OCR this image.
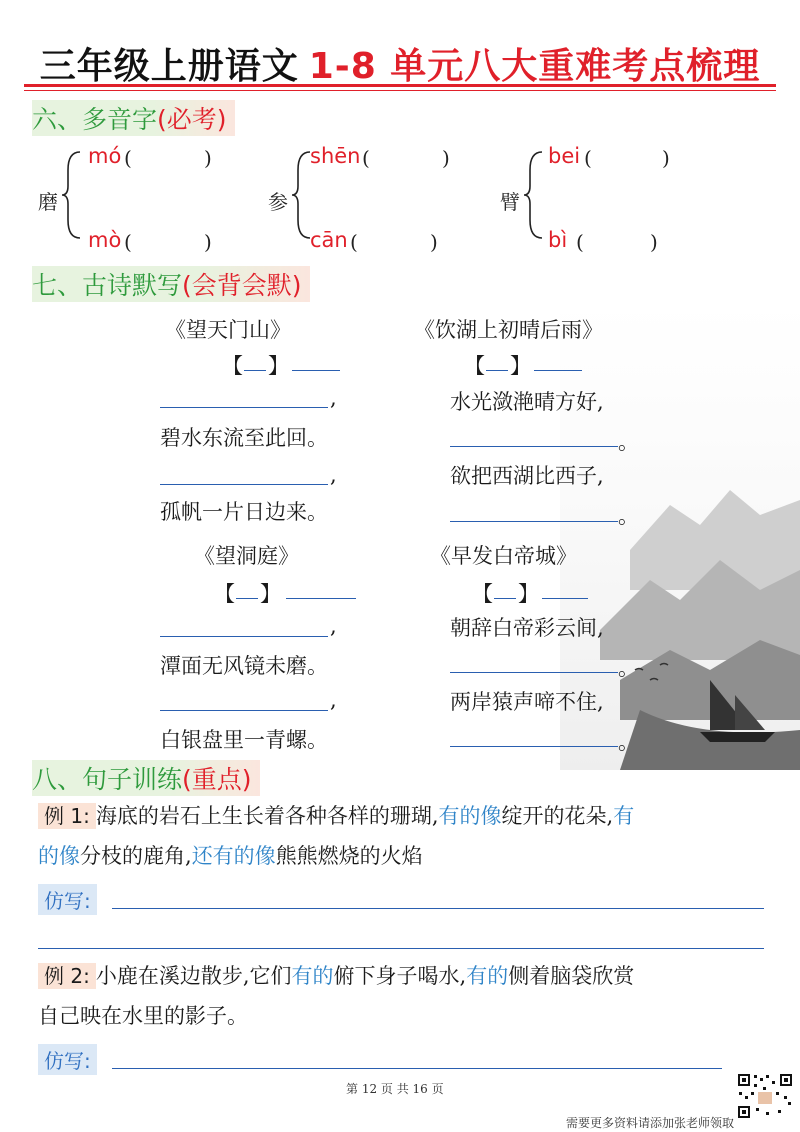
三年级上册语文 1-8 单元八大重难考点梳理
六、多音字(必考)
磨
mó (	)
mò (	)
参
shēn (	)
cān (	)
臂
bei (	)
bì (	)
七、古诗默写(会背会默)
《望天门山》
【 】
,
碧水东流至此回。
,
孤帆一片日边来。
《饮湖上初晴后雨》
【 】
水光潋滟晴方好,
。
欲把西湖比西子,
。
《望洞庭》
【 】
,
潭面无风镜未磨。
,
白银盘里一青螺。
《早发白帝城》
【 】
朝辞白帝彩云间,
。
两岸猿声啼不住,
。
八、句子训练(重点)
例 1: 海底的岩石上生长着各种各样的珊瑚,有的像绽开的花朵,有
的像分枝的鹿角,还有的像熊熊燃烧的火焰
仿写:
例 2: 小鹿在溪边散步,它们有的俯下身子喝水,有的侧着脑袋欣赏
自己映在水里的影子。
仿写:
第 12 页 共 16 页
需要更多资料请添加张老师领取
